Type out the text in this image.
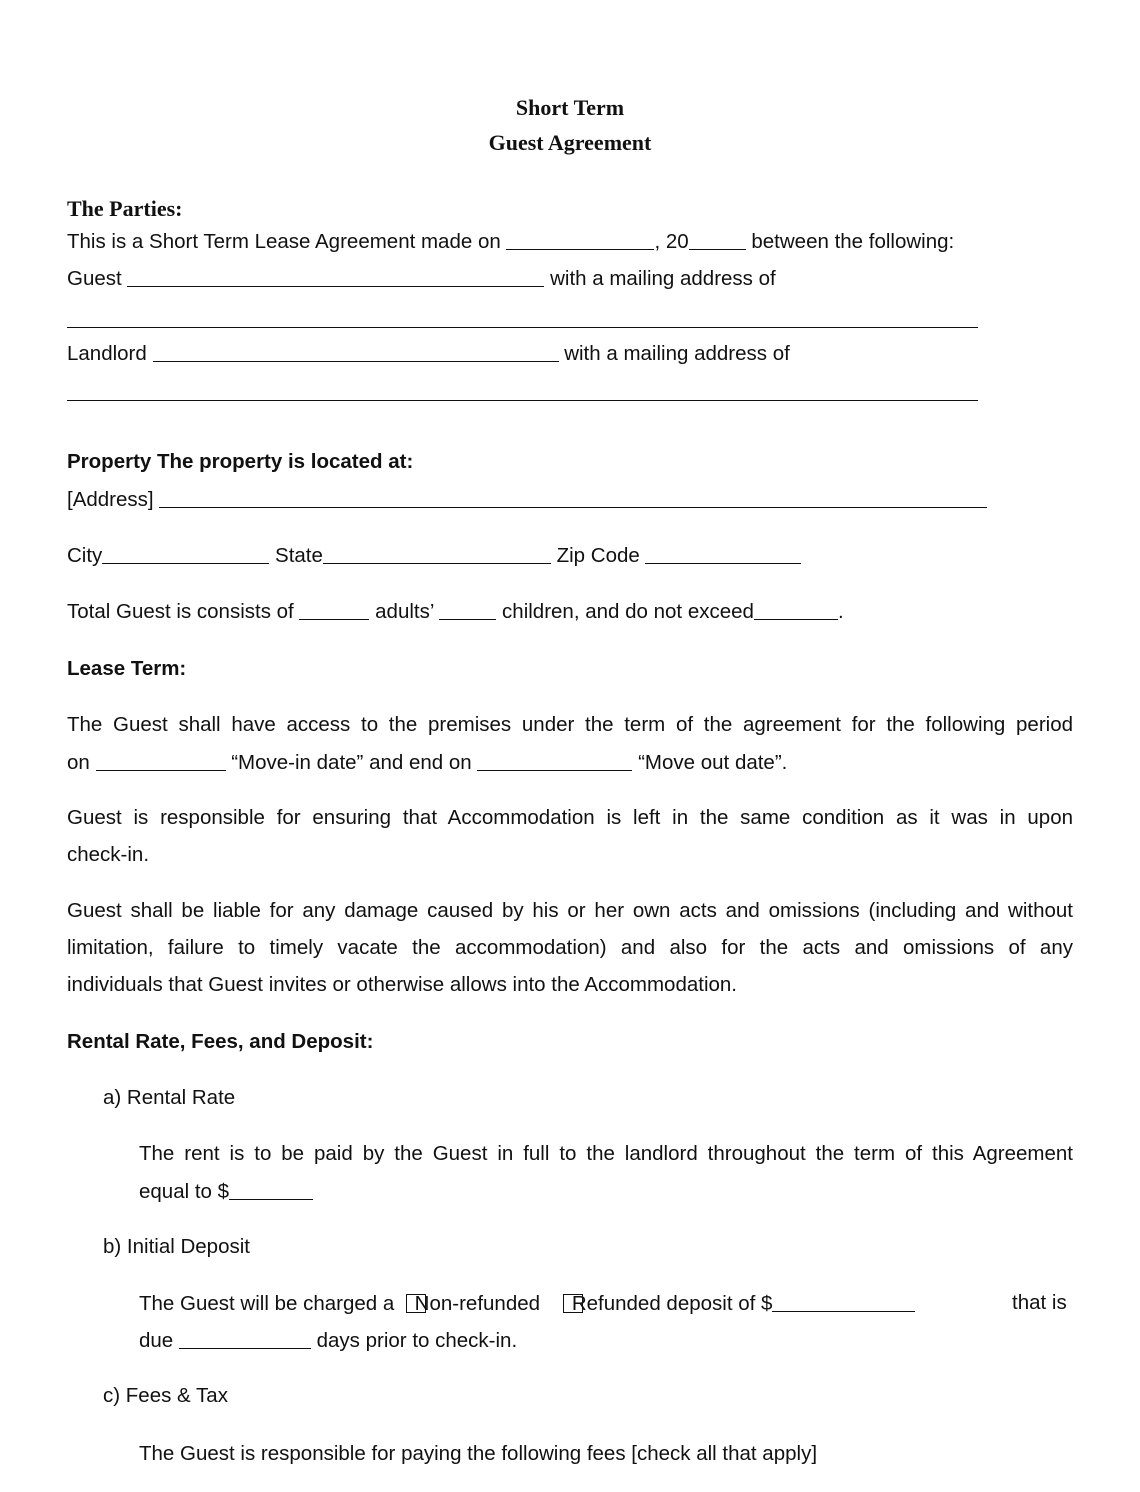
Short Term
Guest Agreement
The Parties:
This is a Short Term Lease Agreement made on	, 20	between the following:
Guest	with a mailing address of
Landlord	with a mailing address of
Property The property is located at:
[Address]
City	State	Zip Code
Total Guest is consists of	adults’	children, and do not exceed	.
Lease Term:
The Guest shall have access to the premises under the term of the agreement for the following period
on	“Move-in date” and end on	“Move out date”.
Guest is responsible for ensuring that Accommodation is left in the same condition as it was in upon
check-in.
Guest shall be liable for any damage caused by his or her own acts and omissions (including and without
limitation, failure to timely vacate the accommodation) and also for the acts and omissions of any
individuals that Guest invites or otherwise allows into the Accommodation.
Rental Rate, Fees, and Deposit:
a) Rental Rate
The rent is to be paid by the Guest in full to the landlord throughout the term of this Agreement
equal to $
b) Initial Deposit
The Guest will be charged a Non-refunded Refunded deposit of $	that is
due	days prior to check-in.
c) Fees & Tax
The Guest is responsible for paying the following fees [check all that apply]
